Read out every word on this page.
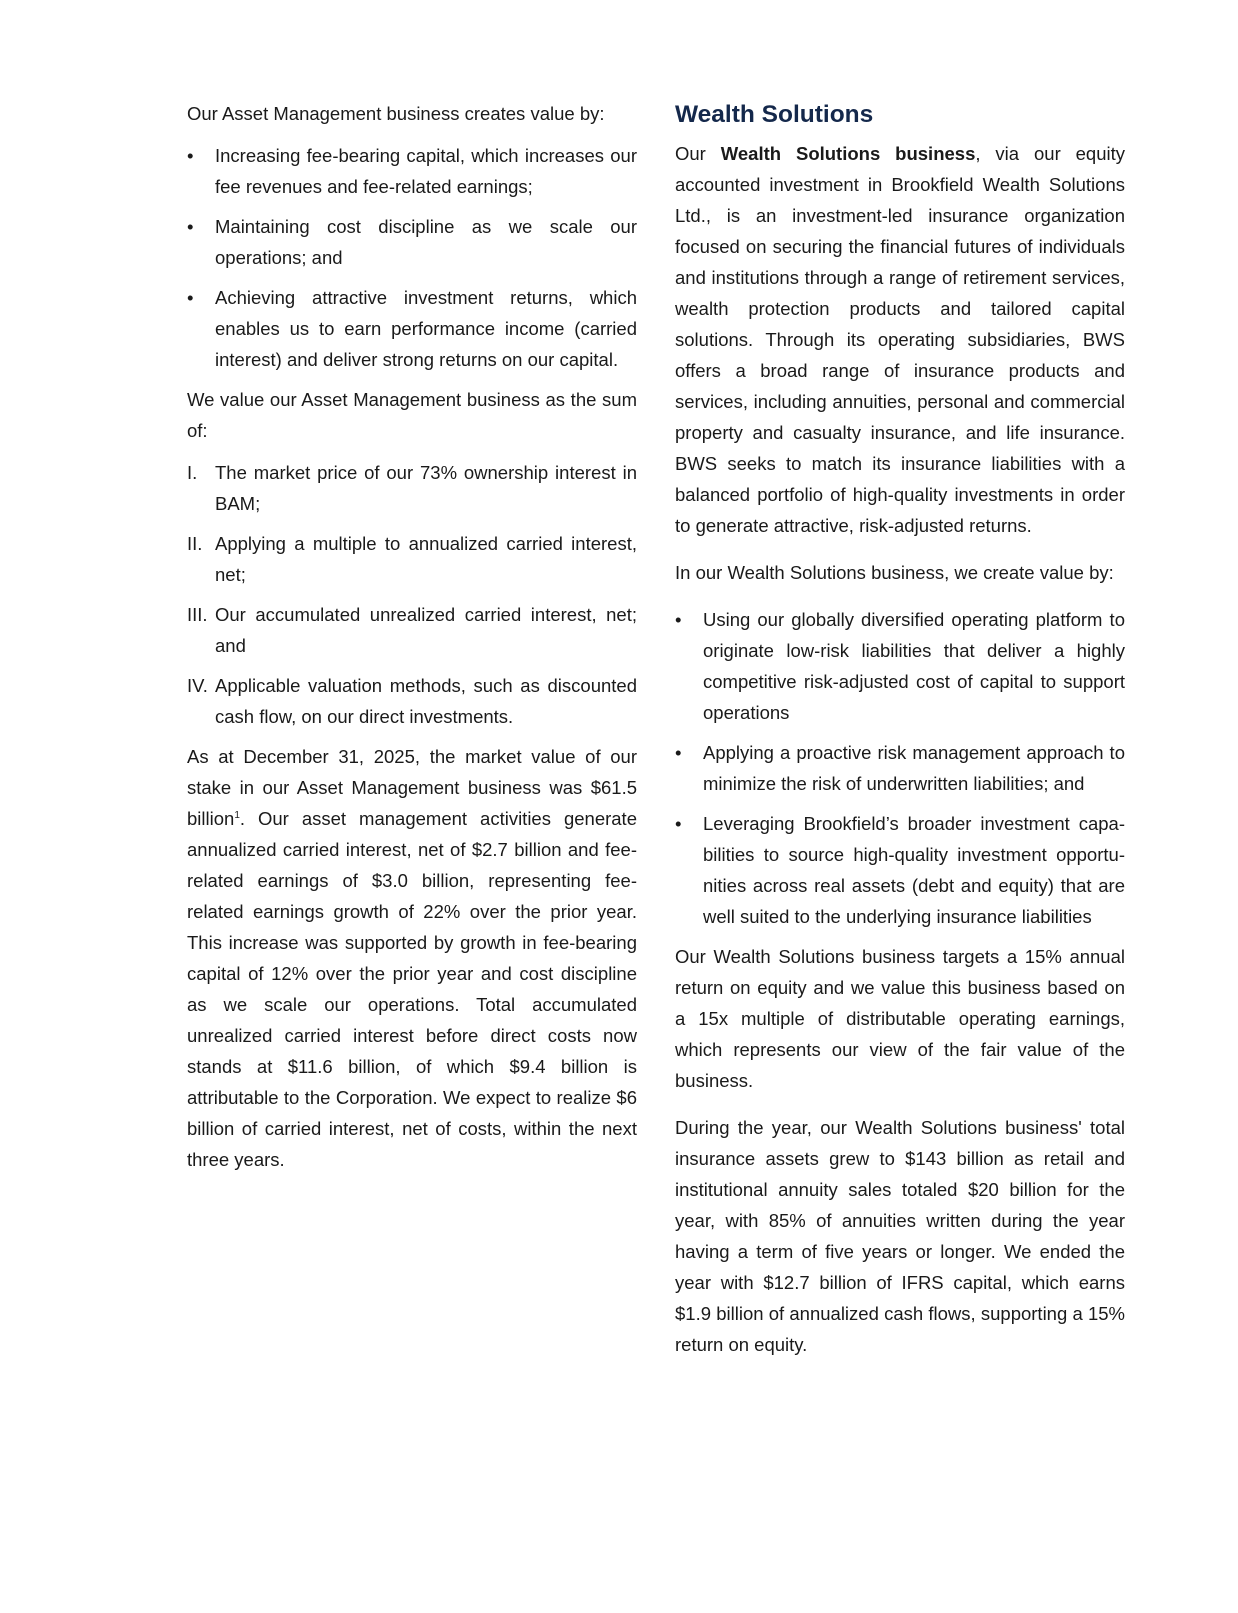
Our Asset Management business creates value by:

• Increasing fee-bearing capital, which increases our fee revenues and fee-related earnings;
• Maintaining cost discipline as we scale our operations; and
• Achieving attractive investment returns, which enables us to earn performance income (carried interest) and deliver strong returns on our capital.

We value our Asset Management business as the sum of:

I. The market price of our 73% ownership interest in BAM;
II. Applying a multiple to annualized carried interest, net;
III. Our accumulated unrealized carried interest, net; and
IV. Applicable valuation methods, such as discounted cash flow, on our direct investments.

As at December 31, 2025, the market value of our stake in our Asset Management business was $61.5 billion$^1$. Our asset management activities generate annualized carried interest, net of $2.7 billion and fee-related earnings of $3.0 billion, representing fee-related earnings growth of 22% over the prior year. This increase was supported by growth in fee-bearing capital of 12% over the prior year and cost discipline as we scale our operations. Total accumulated unrealized carried interest before direct costs now stands at $11.6 billion, of which $9.4 billion is attributable to the Corporation. We expect to realize $6 billion of carried interest, net of costs, within the next three years.

Wealth Solutions

Our Wealth Solutions business, via our equity accounted investment in Brookfield Wealth Solutions Ltd., is an investment-led insurance organization focused on securing the financial futures of individuals and institutions through a range of retirement services, wealth protection products and tailored capital solutions. Through its operating subsidiaries, BWS offers a broad range of insurance products and services, including annuities, personal and commercial property and casualty insurance, and life insurance. BWS seeks to match its insurance liabilities with a balanced portfolio of high-quality investments in order to generate attractive, risk-adjusted returns.

In our Wealth Solutions business, we create value by:

• Using our globally diversified operating platform to originate low-risk liabilities that deliver a highly competitive risk-adjusted cost of capital to support operations
• Applying a proactive risk management approach to minimize the risk of underwritten liabilities; and
• Leveraging Brookfield’s broader investment capabilities to source high-quality investment opportunities across real assets (debt and equity) that are well suited to the underlying insurance liabilities

Our Wealth Solutions business targets a 15% annual return on equity and we value this business based on a 15x multiple of distributable operating earnings, which represents our view of the fair value of the business.

During the year, our Wealth Solutions business' total insurance assets grew to $143 billion as retail and institutional annuity sales totaled $20 billion for the year, with 85% of annuities written during the year having a term of five years or longer. We ended the year with $12.7 billion of IFRS capital, which earns $1.9 billion of annualized cash flows, supporting a 15% return on equity.
